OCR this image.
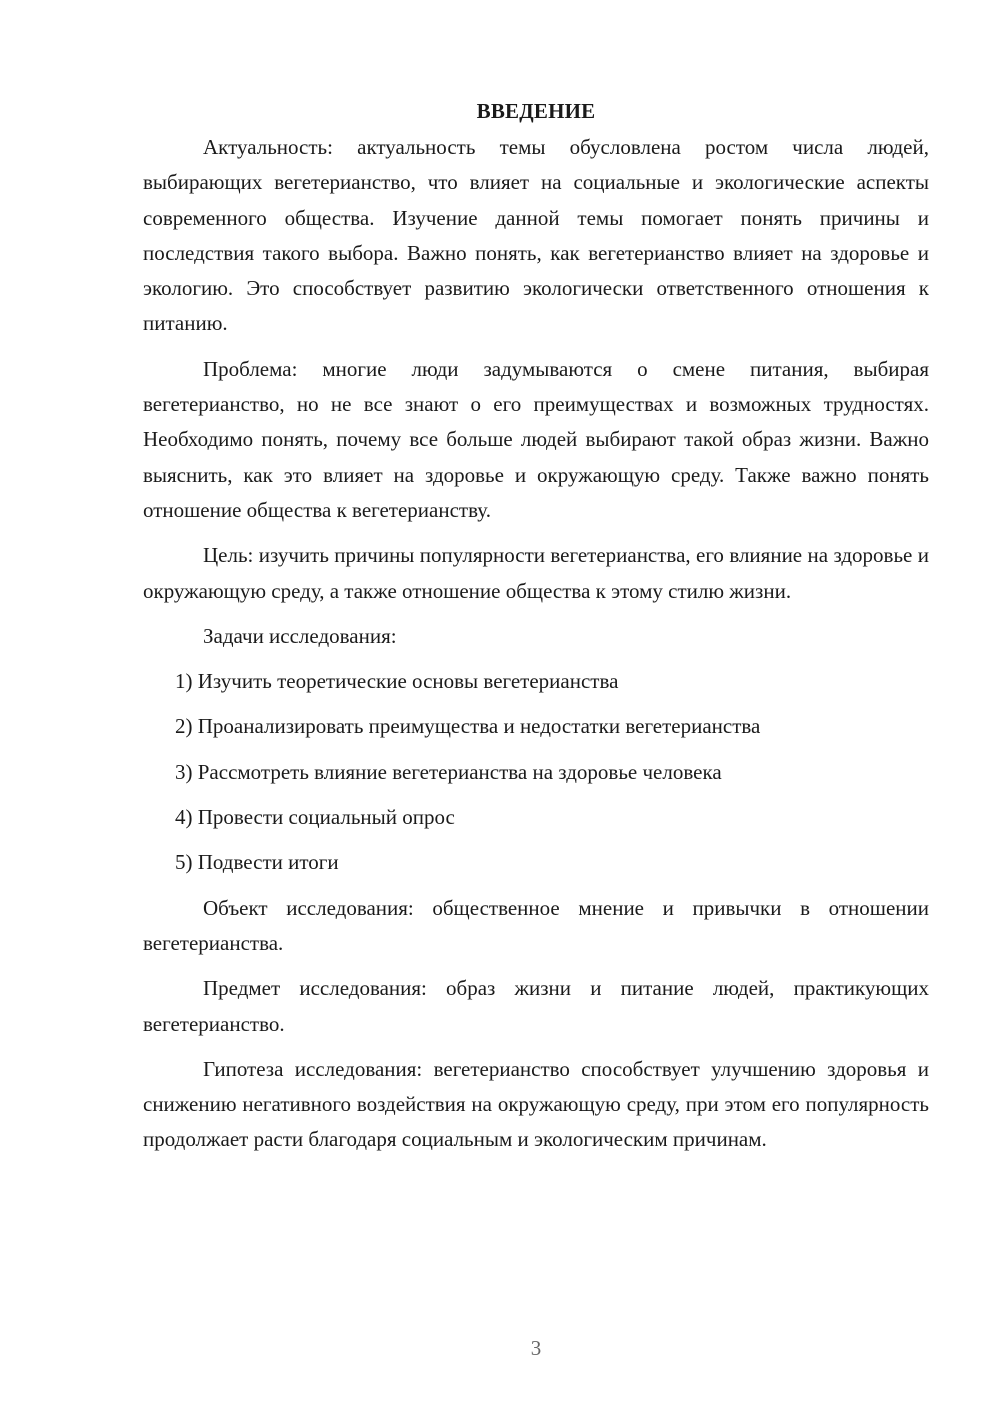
ВВЕДЕНИЕ

Актуальность: актуальность темы обусловлена ростом числа людей, выбирающих вегетерианство, что влияет на социальные и экологические аспекты современного общества. Изучение данной темы помогает понять причины и последствия такого выбора. Важно понять, как вегетерианство влияет на здоровье и экологию. Это способствует развитию экологически ответственного отношения к питанию.

Проблема: многие люди задумываются о смене питания, выбирая вегетерианство, но не все знают о его преимуществах и возможных трудностях. Необходимо понять, почему все больше людей выбирают такой образ жизни. Важно выяснить, как это влияет на здоровье и окружающую среду. Также важно понять отношение общества к вегетерианству.

Цель: изучить причины популярности вегетерианства, его влияние на здоровье и окружающую среду, а также отношение общества к этому стилю жизни.

Задачи исследования:

1) Изучить теоретические основы вегетерианства
2) Проанализировать преимущества и недостатки вегетерианства
3) Рассмотреть влияние вегетерианства на здоровье человека
4) Провести социальный опрос
5) Подвести итоги

Объект исследования: общественное мнение и привычки в отношении вегетерианства.

Предмет исследования: образ жизни и питание людей, практикующих вегетерианство.

Гипотеза исследования: вегетерианство способствует улучшению здоровья и снижению негативного воздействия на окружающую среду, при этом его популярность продолжает расти благодаря социальным и экологическим причинам.

3
